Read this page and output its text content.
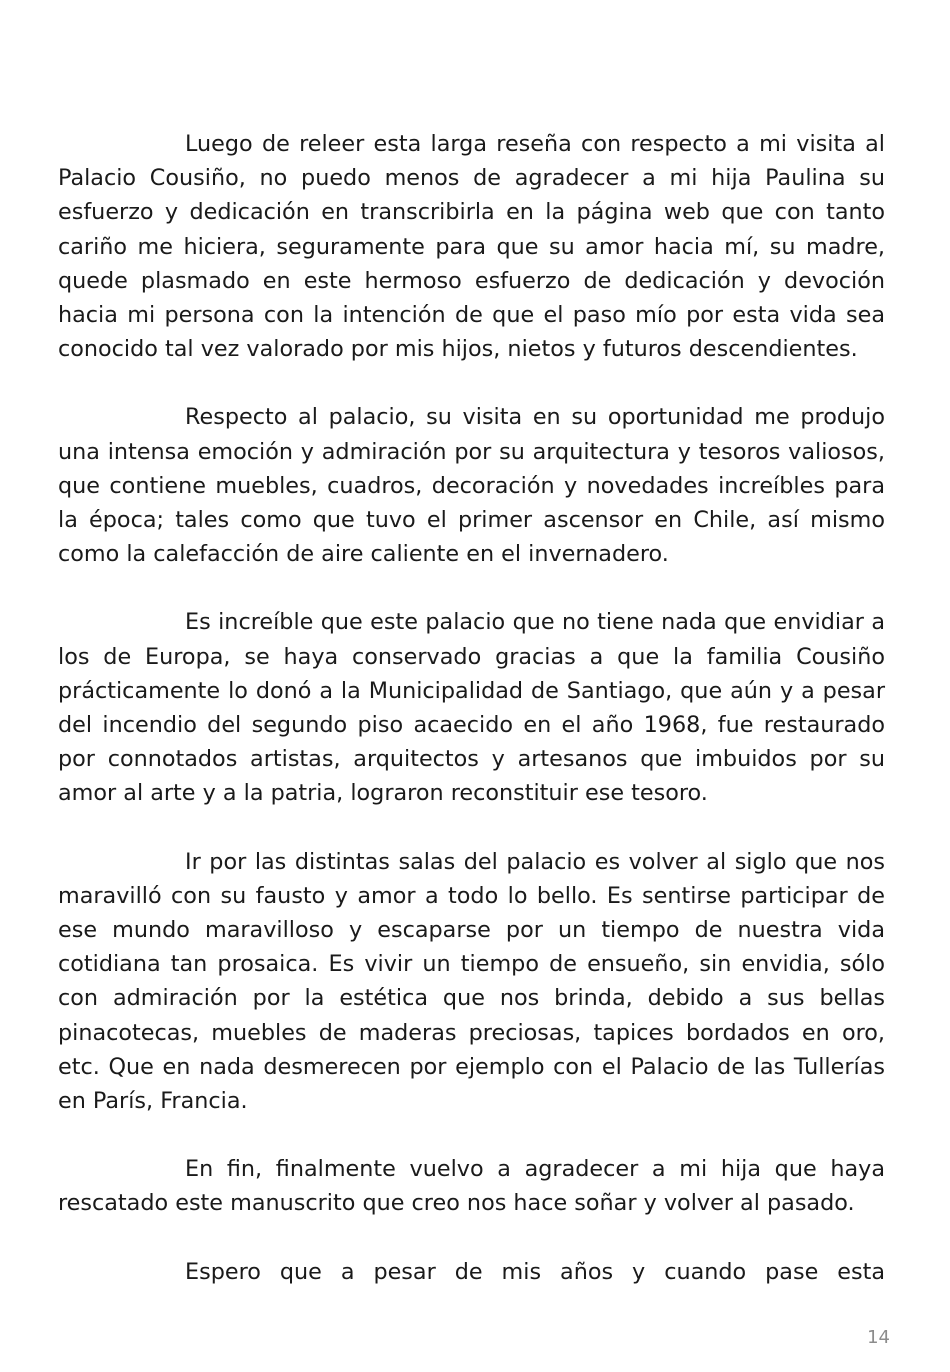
Luego de releer esta larga reseña con respecto a mi visita al Palacio Cousiño, no puedo menos de agradecer a mi hija Paulina su esfuerzo y dedicación en transcribirla en la página web que con tanto cariño me hiciera, seguramente para que su amor hacia mí, su madre, quede plasmado en este hermoso esfuerzo de dedicación y devoción hacia mi persona con la intención de que el paso mío por esta vida sea conocido tal vez valorado por mis hijos, nietos y futuros descendientes.

Respecto al palacio, su visita en su oportunidad me produjo una intensa emoción y admiración por su arquitectura y tesoros valiosos, que contiene muebles, cuadros, decoración y novedades increíbles para la época; tales como que tuvo el primer ascensor en Chile, así mismo como la calefacción de aire caliente en el invernadero.

Es increíble que este palacio que no tiene nada que envidiar a los de Europa, se haya conservado gracias a que la familia Cousiño prácticamente lo donó a la Municipalidad de Santiago, que aún y a pesar del incendio del segundo piso acaecido en el año 1968, fue restaurado por connotados artistas, arquitectos y artesanos que imbuidos por su amor al arte y a la patria, lograron reconstituir ese tesoro.

Ir por las distintas salas del palacio es volver al siglo que nos maravilló con su fausto y amor a todo lo bello. Es sentirse participar de ese mundo maravilloso y escaparse por un tiempo de nuestra vida cotidiana tan prosaica. Es vivir un tiempo de ensueño, sin envidia, sólo con admiración por la estética que nos brinda, debido a sus bellas pinacotecas, muebles de maderas preciosas, tapices bordados en oro, etc. Que en nada desmerecen por ejemplo con el Palacio de las Tullerías en París, Francia.

En fin, finalmente vuelvo a agradecer a mi hija que haya rescatado este manuscrito que creo nos hace soñar y volver al pasado.

Espero que a pesar de mis años y cuando pase esta

14
